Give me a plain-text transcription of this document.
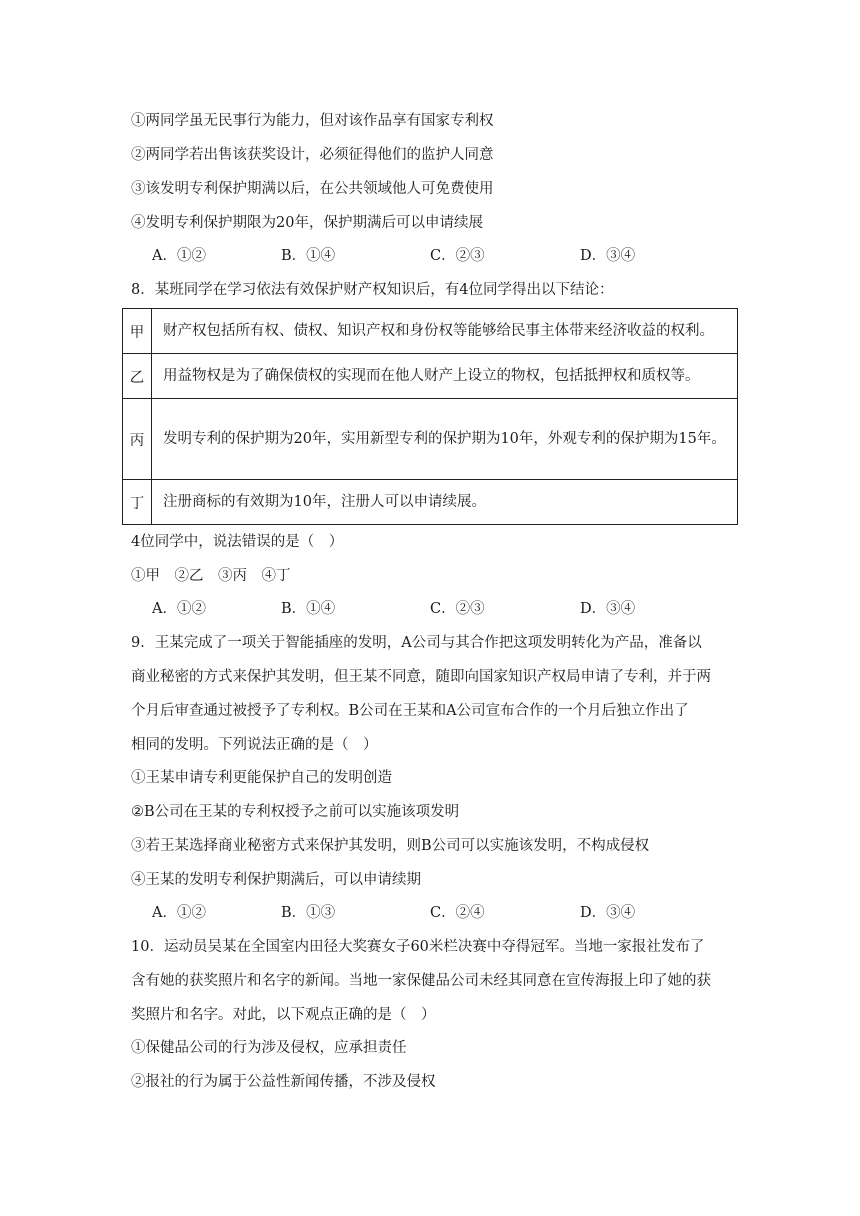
①两同学虽无民事行为能力，但对该作品享有国家专利权
②两同学若出售该获奖设计，必须征得他们的监护人同意
③该发明专利保护期满以后，在公共领域他人可免费使用
④发明专利保护期限为20年，保护期满后可以申请续展
A．①②	B．①④	C．②③	D．③④
8．某班同学在学习依法有效保护财产权知识后，有4位同学得出以下结论：
甲	财产权包括所有权、债权、知识产权和身份权等能够给民事主体带来经济收益的权利。
乙	用益物权是为了确保债权的实现而在他人财产上设立的物权，包括抵押权和质权等。
丙	发明专利的保护期为20年，实用新型专利的保护期为10年，外观专利的保护期为15年。
丁	注册商标的有效期为10年，注册人可以申请续展。
4位同学中，说法错误的是（　）
①甲　②乙　③丙　④丁
A．①②	B．①④	C．②③	D．③④
9．王某完成了一项关于智能插座的发明，A公司与其合作把这项发明转化为产品，准备以
商业秘密的方式来保护其发明，但王某不同意，随即向国家知识产权局申请了专利，并于两
个月后审查通过被授予了专利权。B公司在王某和A公司宣布合作的一个月后独立作出了
相同的发明。下列说法正确的是（　）
①王某申请专利更能保护自己的发明创造
②B公司在王某的专利权授予之前可以实施该项发明
③若王某选择商业秘密方式来保护其发明，则B公司可以实施该发明，不构成侵权
④王某的发明专利保护期满后，可以申请续期
A．①②	B．①③	C．②④	D．③④
10．运动员吴某在全国室内田径大奖赛女子60米栏决赛中夺得冠军。当地一家报社发布了
含有她的获奖照片和名字的新闻。当地一家保健品公司未经其同意在宣传海报上印了她的获
奖照片和名字。对此，以下观点正确的是（　）
①保健品公司的行为涉及侵权，应承担责任
②报社的行为属于公益性新闻传播，不涉及侵权
